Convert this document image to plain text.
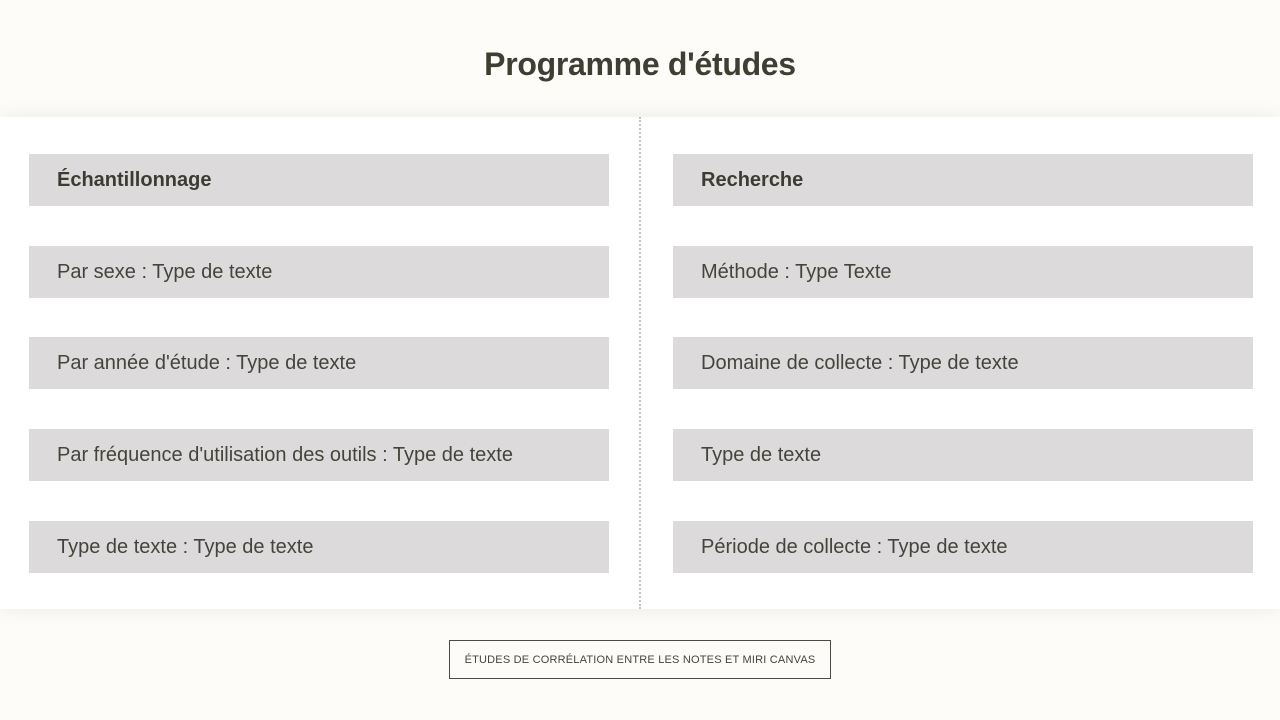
Programme d'études
Échantillonnage
Par sexe : Type de texte
Par année d'étude : Type de texte
Par fréquence d'utilisation des outils : Type de texte
Type de texte : Type de texte
Recherche
Méthode : Type Texte
Domaine de collecte : Type de texte
Type de texte
Période de collecte : Type de texte
ÉTUDES DE CORRÉLATION ENTRE LES NOTES ET MIRI CANVAS
